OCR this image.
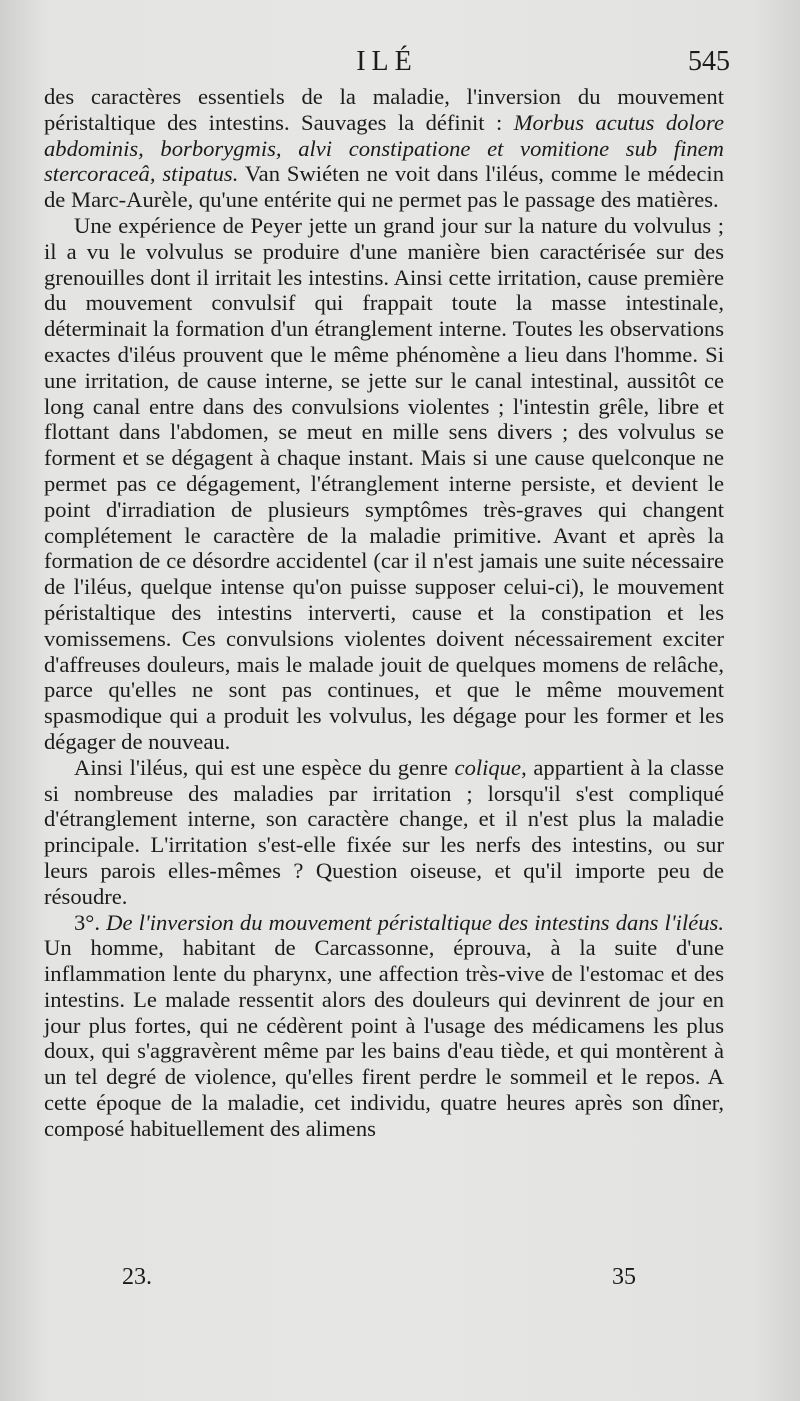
ILÉ	545

des caractères essentiels de la maladie, l'inversion du mouvement péristaltique des intestins. Sauvages la définit : Morbus acutus dolore abdominis, borborygmis, alvi constipatione et vomitione sub finem stercoraceâ, stipatus. Van Swiéten ne voit dans l'iléus, comme le médecin de Marc-Aurèle, qu'une entérite qui ne permet pas le passage des matières.

Une expérience de Peyer jette un grand jour sur la nature du volvulus ; il a vu le volvulus se produire d'une manière bien caractérisée sur des grenouilles dont il irritait les intestins. Ainsi cette irritation, cause première du mouvement convulsif qui frappait toute la masse intestinale, déterminait la formation d'un étranglement interne. Toutes les observations exactes d'iléus prouvent que le même phénomène a lieu dans l'homme. Si une irritation, de cause interne, se jette sur le canal intestinal, aussitôt ce long canal entre dans des convulsions violentes ; l'intestin grêle, libre et flottant dans l'abdomen, se meut en mille sens divers ; des volvulus se forment et se dégagent à chaque instant. Mais si une cause quelconque ne permet pas ce dégagement, l'étranglement interne persiste, et devient le point d'irradiation de plusieurs symptômes très-graves qui changent complétement le caractère de la maladie primitive. Avant et après la formation de ce désordre accidentel (car il n'est jamais une suite nécessaire de l'iléus, quelque intense qu'on puisse supposer celui-ci), le mouvement péristaltique des intestins interverti, cause et la constipation et les vomissemens. Ces convulsions violentes doivent nécessairement exciter d'affreuses douleurs, mais le malade jouit de quelques momens de relâche, parce qu'elles ne sont pas continues, et que le même mouvement spasmodique qui a produit les volvulus, les dégage pour les former et les dégager de nouveau.

Ainsi l'iléus, qui est une espèce du genre colique, appartient à la classe si nombreuse des maladies par irritation ; lorsqu'il s'est compliqué d'étranglement interne, son caractère change, et il n'est plus la maladie principale. L'irritation s'est-elle fixée sur les nerfs des intestins, ou sur leurs parois elles-mêmes ? Question oiseuse, et qu'il importe peu de résoudre.

3°. De l'inversion du mouvement péristaltique des intestins dans l'iléus. Un homme, habitant de Carcassonne, éprouva, à la suite d'une inflammation lente du pharynx, une affection très-vive de l'estomac et des intestins. Le malade ressentit alors des douleurs qui devinrent de jour en jour plus fortes, qui ne cédèrent point à l'usage des médicamens les plus doux, qui s'aggravèrent même par les bains d'eau tiède, et qui montèrent à un tel degré de violence, qu'elles firent perdre le sommeil et le repos. A cette époque de la maladie, cet individu, quatre heures après son dîner, composé habituellement des alimens

23.	35
